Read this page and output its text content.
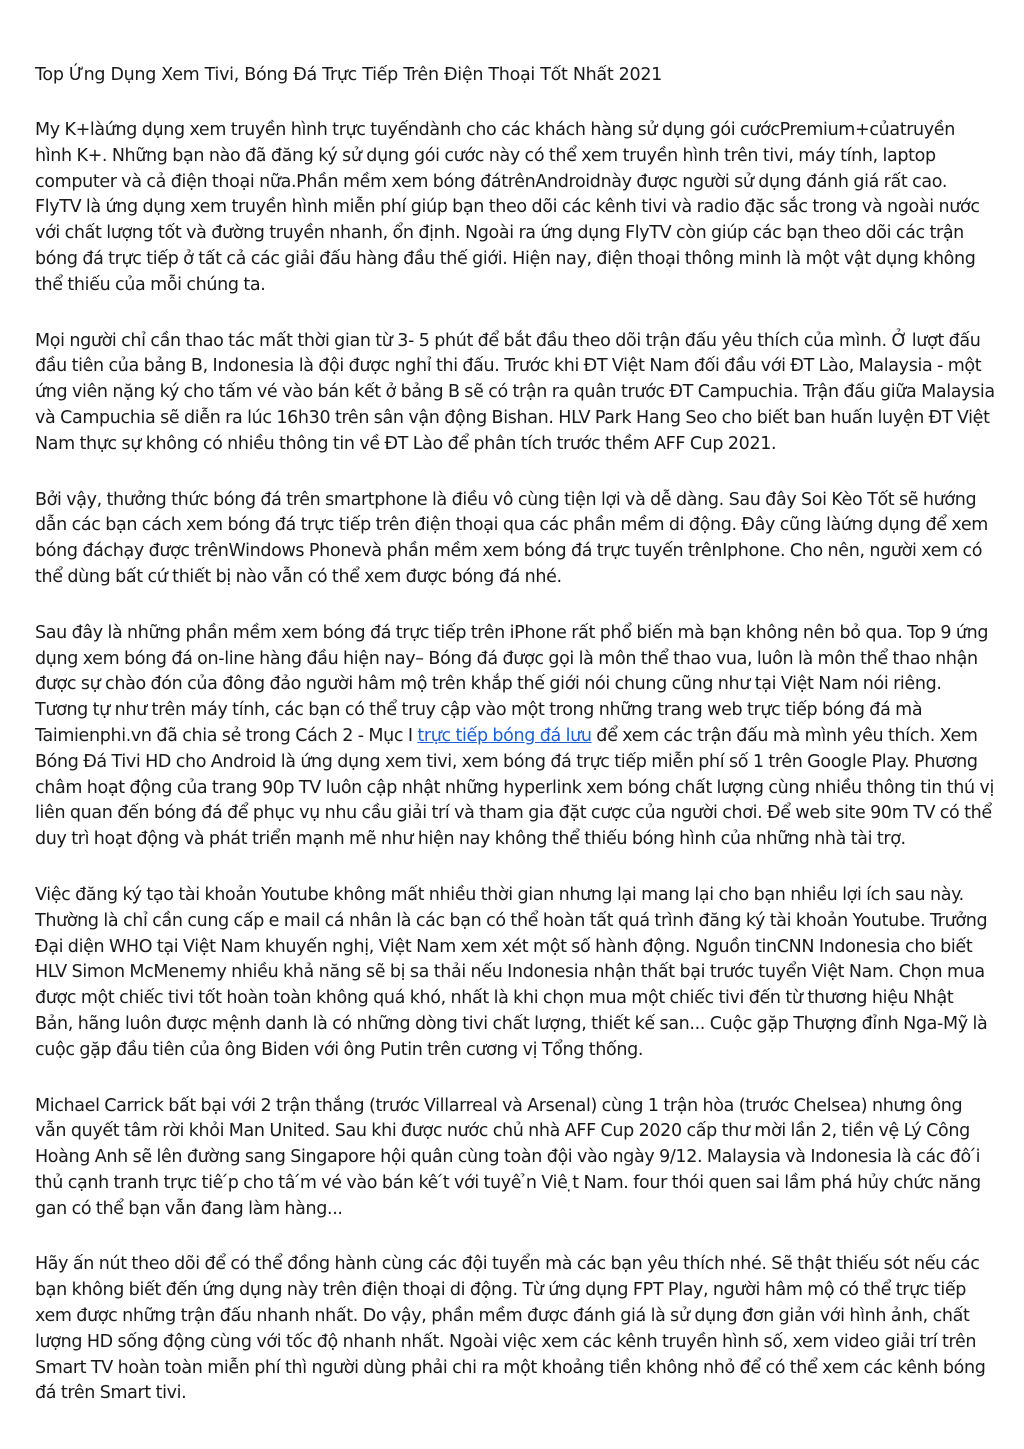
Top Ứng Dụng Xem Tivi, Bóng Đá Trực Tiếp Trên Điện Thoại Tốt Nhất 2021

My K+làứng dụng xem truyền hình trực tuyếndành cho các khách hàng sử dụng gói cướcPremium+củatruyền hình K+. Những bạn nào đã đăng ký sử dụng gói cước này có thể xem truyền hình trên tivi, máy tính, laptop computer và cả điện thoại nữa.Phần mềm xem bóng đátrênAndroidnày được người sử dụng đánh giá rất cao. FlyTV là ứng dụng xem truyền hình miễn phí giúp bạn theo dõi các kênh tivi và radio đặc sắc trong và ngoài nước với chất lượng tốt và đường truyền nhanh, ổn định. Ngoài ra ứng dụng FlyTV còn giúp các bạn theo dõi các trận bóng đá trực tiếp ở tất cả các giải đấu hàng đầu thế giới. Hiện nay, điện thoại thông minh là một vật dụng không thể thiếu của mỗi chúng ta.

Mọi người chỉ cần thao tác mất thời gian từ 3- 5 phút để bắt đầu theo dõi trận đấu yêu thích của mình. Ở lượt đấu đầu tiên của bảng B, Indonesia là đội được nghỉ thi đấu. Trước khi ĐT Việt Nam đối đầu với ĐT Lào, Malaysia - một ứng viên nặng ký cho tấm vé vào bán kết ở bảng B sẽ có trận ra quân trước ĐT Campuchia. Trận đấu giữa Malaysia và Campuchia sẽ diễn ra lúc 16h30 trên sân vận động Bishan. HLV Park Hang Seo cho biết ban huấn luyện ĐT Việt Nam thực sự không có nhiều thông tin về ĐT Lào để phân tích trước thềm AFF Cup 2021.

Bởi vậy, thưởng thức bóng đá trên smartphone là điều vô cùng tiện lợi và dễ dàng. Sau đây Soi Kèo Tốt sẽ hướng dẫn các bạn cách xem bóng đá trực tiếp trên điện thoại qua các phần mềm di động. Đây cũng làứng dụng để xem bóng đáchạy được trênWindows Phonevà phần mềm xem bóng đá trực tuyến trênIphone. Cho nên, người xem có thể dùng bất cứ thiết bị nào vẫn có thể xem được bóng đá nhé.

Sau đây là những phần mềm xem bóng đá trực tiếp trên iPhone rất phổ biến mà bạn không nên bỏ qua. Top 9 ứng dụng xem bóng đá on-line hàng đầu hiện nay– Bóng đá được gọi là môn thể thao vua, luôn là môn thể thao nhận được sự chào đón của đông đảo người hâm mộ trên khắp thế giới nói chung cũng như tại Việt Nam nói riêng. Tương tự như trên máy tính, các bạn có thể truy cập vào một trong những trang web trực tiếp bóng đá mà Taimienphi.vn đã chia sẻ trong Cách 2 - Mục I trực tiếp bóng đá lưu để xem các trận đấu mà mình yêu thích. Xem Bóng Đá Tivi HD cho Android là ứng dụng xem tivi, xem bóng đá trực tiếp miễn phí số 1 trên Google Play. Phương châm hoạt động của trang 90p TV luôn cập nhật những hyperlink xem bóng chất lượng cùng nhiều thông tin thú vị liên quan đến bóng đá để phục vụ nhu cầu giải trí và tham gia đặt cược của người chơi. Để web site 90m TV có thể duy trì hoạt động và phát triển mạnh mẽ như hiện nay không thể thiếu bóng hình của những nhà tài trợ.

Việc đăng ký tạo tài khoản Youtube không mất nhiều thời gian nhưng lại mang lại cho bạn nhiều lợi ích sau này. Thường là chỉ cần cung cấp e mail cá nhân là các bạn có thể hoàn tất quá trình đăng ký tài khoản Youtube. Trưởng Đại diện WHO tại Việt Nam khuyến nghị, Việt Nam xem xét một số hành động. Nguồn tinCNN Indonesia cho biết HLV Simon McMenemy nhiều khả năng sẽ bị sa thải nếu Indonesia nhận thất bại trước tuyển Việt Nam. Chọn mua được một chiếc tivi tốt hoàn toàn không quá khó, nhất là khi chọn mua một chiếc tivi đến từ thương hiệu Nhật Bản, hãng luôn được mệnh danh là có những dòng tivi chất lượng, thiết kế san... Cuộc gặp Thượng đỉnh Nga-Mỹ là cuộc gặp đầu tiên của ông Biden với ông Putin trên cương vị Tổng thống.

Michael Carrick bất bại với 2 trận thắng (trước Villarreal và Arsenal) cùng 1 trận hòa (trước Chelsea) nhưng ông vẫn quyết tâm rời khỏi Man United. Sau khi được nước chủ nhà AFF Cup 2020 cấp thư mời lần 2, tiền vệ Lý Công Hoàng Anh sẽ lên đường sang Singapore hội quân cùng toàn đội vào ngày 9/12. Malaysia và Indonesia là các đô ́i thủ cạnh tranh trực tiê ́p cho tâ ́m vé vào bán kê ́t với tuyê ̉n Viê ̣t Nam. four thói quen sai lầm phá hủy chức năng gan có thể bạn vẫn đang làm hàng...

Hãy ấn nút theo dõi để có thể đồng hành cùng các đội tuyển mà các bạn yêu thích nhé. Sẽ thật thiếu sót nếu các bạn không biết đến ứng dụng này trên điện thoại di động. Từ ứng dụng FPT Play, người hâm mộ có thể trực tiếp xem được những trận đấu nhanh nhất. Do vậy, phần mềm được đánh giá là sử dụng đơn giản với hình ảnh, chất lượng HD sống động cùng với tốc độ nhanh nhất. Ngoài việc xem các kênh truyền hình số, xem video giải trí trên Smart TV hoàn toàn miễn phí thì người dùng phải chi ra một khoảng tiền không nhỏ để có thể xem các kênh bóng đá trên Smart tivi.
